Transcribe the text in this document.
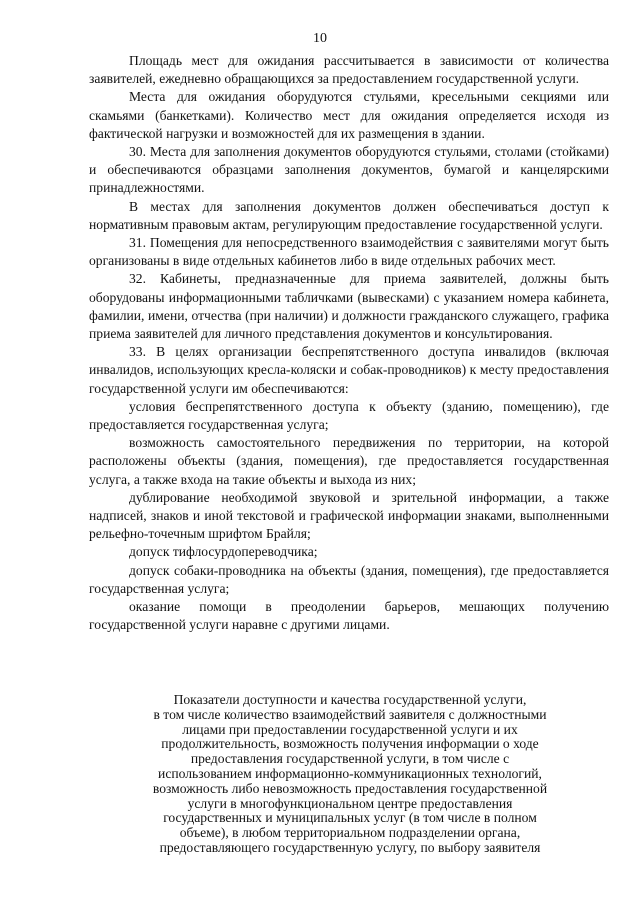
10

Площадь мест для ожидания рассчитывается в зависимости от количества заявителей, ежедневно обращающихся за предоставлением государственной услуги.

Места для ожидания оборудуются стульями, кресельными секциями или скамьями (банкетками). Количество мест для ожидания определяется исходя из фактической нагрузки и возможностей для их размещения в здании.

30. Места для заполнения документов оборудуются стульями, столами (стойками) и обеспечиваются образцами заполнения документов, бумагой и канцелярскими принадлежностями.

В местах для заполнения документов должен обеспечиваться доступ к нормативным правовым актам, регулирующим предоставление государственной услуги.

31. Помещения для непосредственного взаимодействия с заявителями могут быть организованы в виде отдельных кабинетов либо в виде отдельных рабочих мест.

32. Кабинеты, предназначенные для приема заявителей, должны быть оборудованы информационными табличками (вывесками) с указанием номера кабинета, фамилии, имени, отчества (при наличии) и должности гражданского служащего, графика приема заявителей для личного представления документов и консультирования.

33. В целях организации беспрепятственного доступа инвалидов (включая инвалидов, использующих кресла-коляски и собак-проводников) к месту предоставления государственной услуги им обеспечиваются:

условия беспрепятственного доступа к объекту (зданию, помещению), где предоставляется государственная услуга;

возможность самостоятельного передвижения по территории, на которой расположены объекты (здания, помещения), где предоставляется государственная услуга, а также входа на такие объекты и выхода из них;

дублирование необходимой звуковой и зрительной информации, а также надписей, знаков и иной текстовой и графической информации знаками, выполненными рельефно-точечным шрифтом Брайля;

допуск тифлосурдопереводчика;

допуск собаки-проводника на объекты (здания, помещения), где предоставляется государственная услуга;

оказание помощи в преодолении барьеров, мешающих получению государственной услуги наравне с другими лицами.

Показатели доступности и качества государственной услуги,
в том числе количество взаимодействий заявителя с должностными
лицами при предоставлении государственной услуги и их
продолжительность, возможность получения информации о ходе
предоставления государственной услуги, в том числе с
использованием информационно-коммуникационных технологий,
возможность либо невозможность предоставления государственной
услуги в многофункциональном центре предоставления
государственных и муниципальных услуг (в том числе в полном
объеме), в любом территориальном подразделении органа,
предоставляющего государственную услугу, по выбору заявителя
